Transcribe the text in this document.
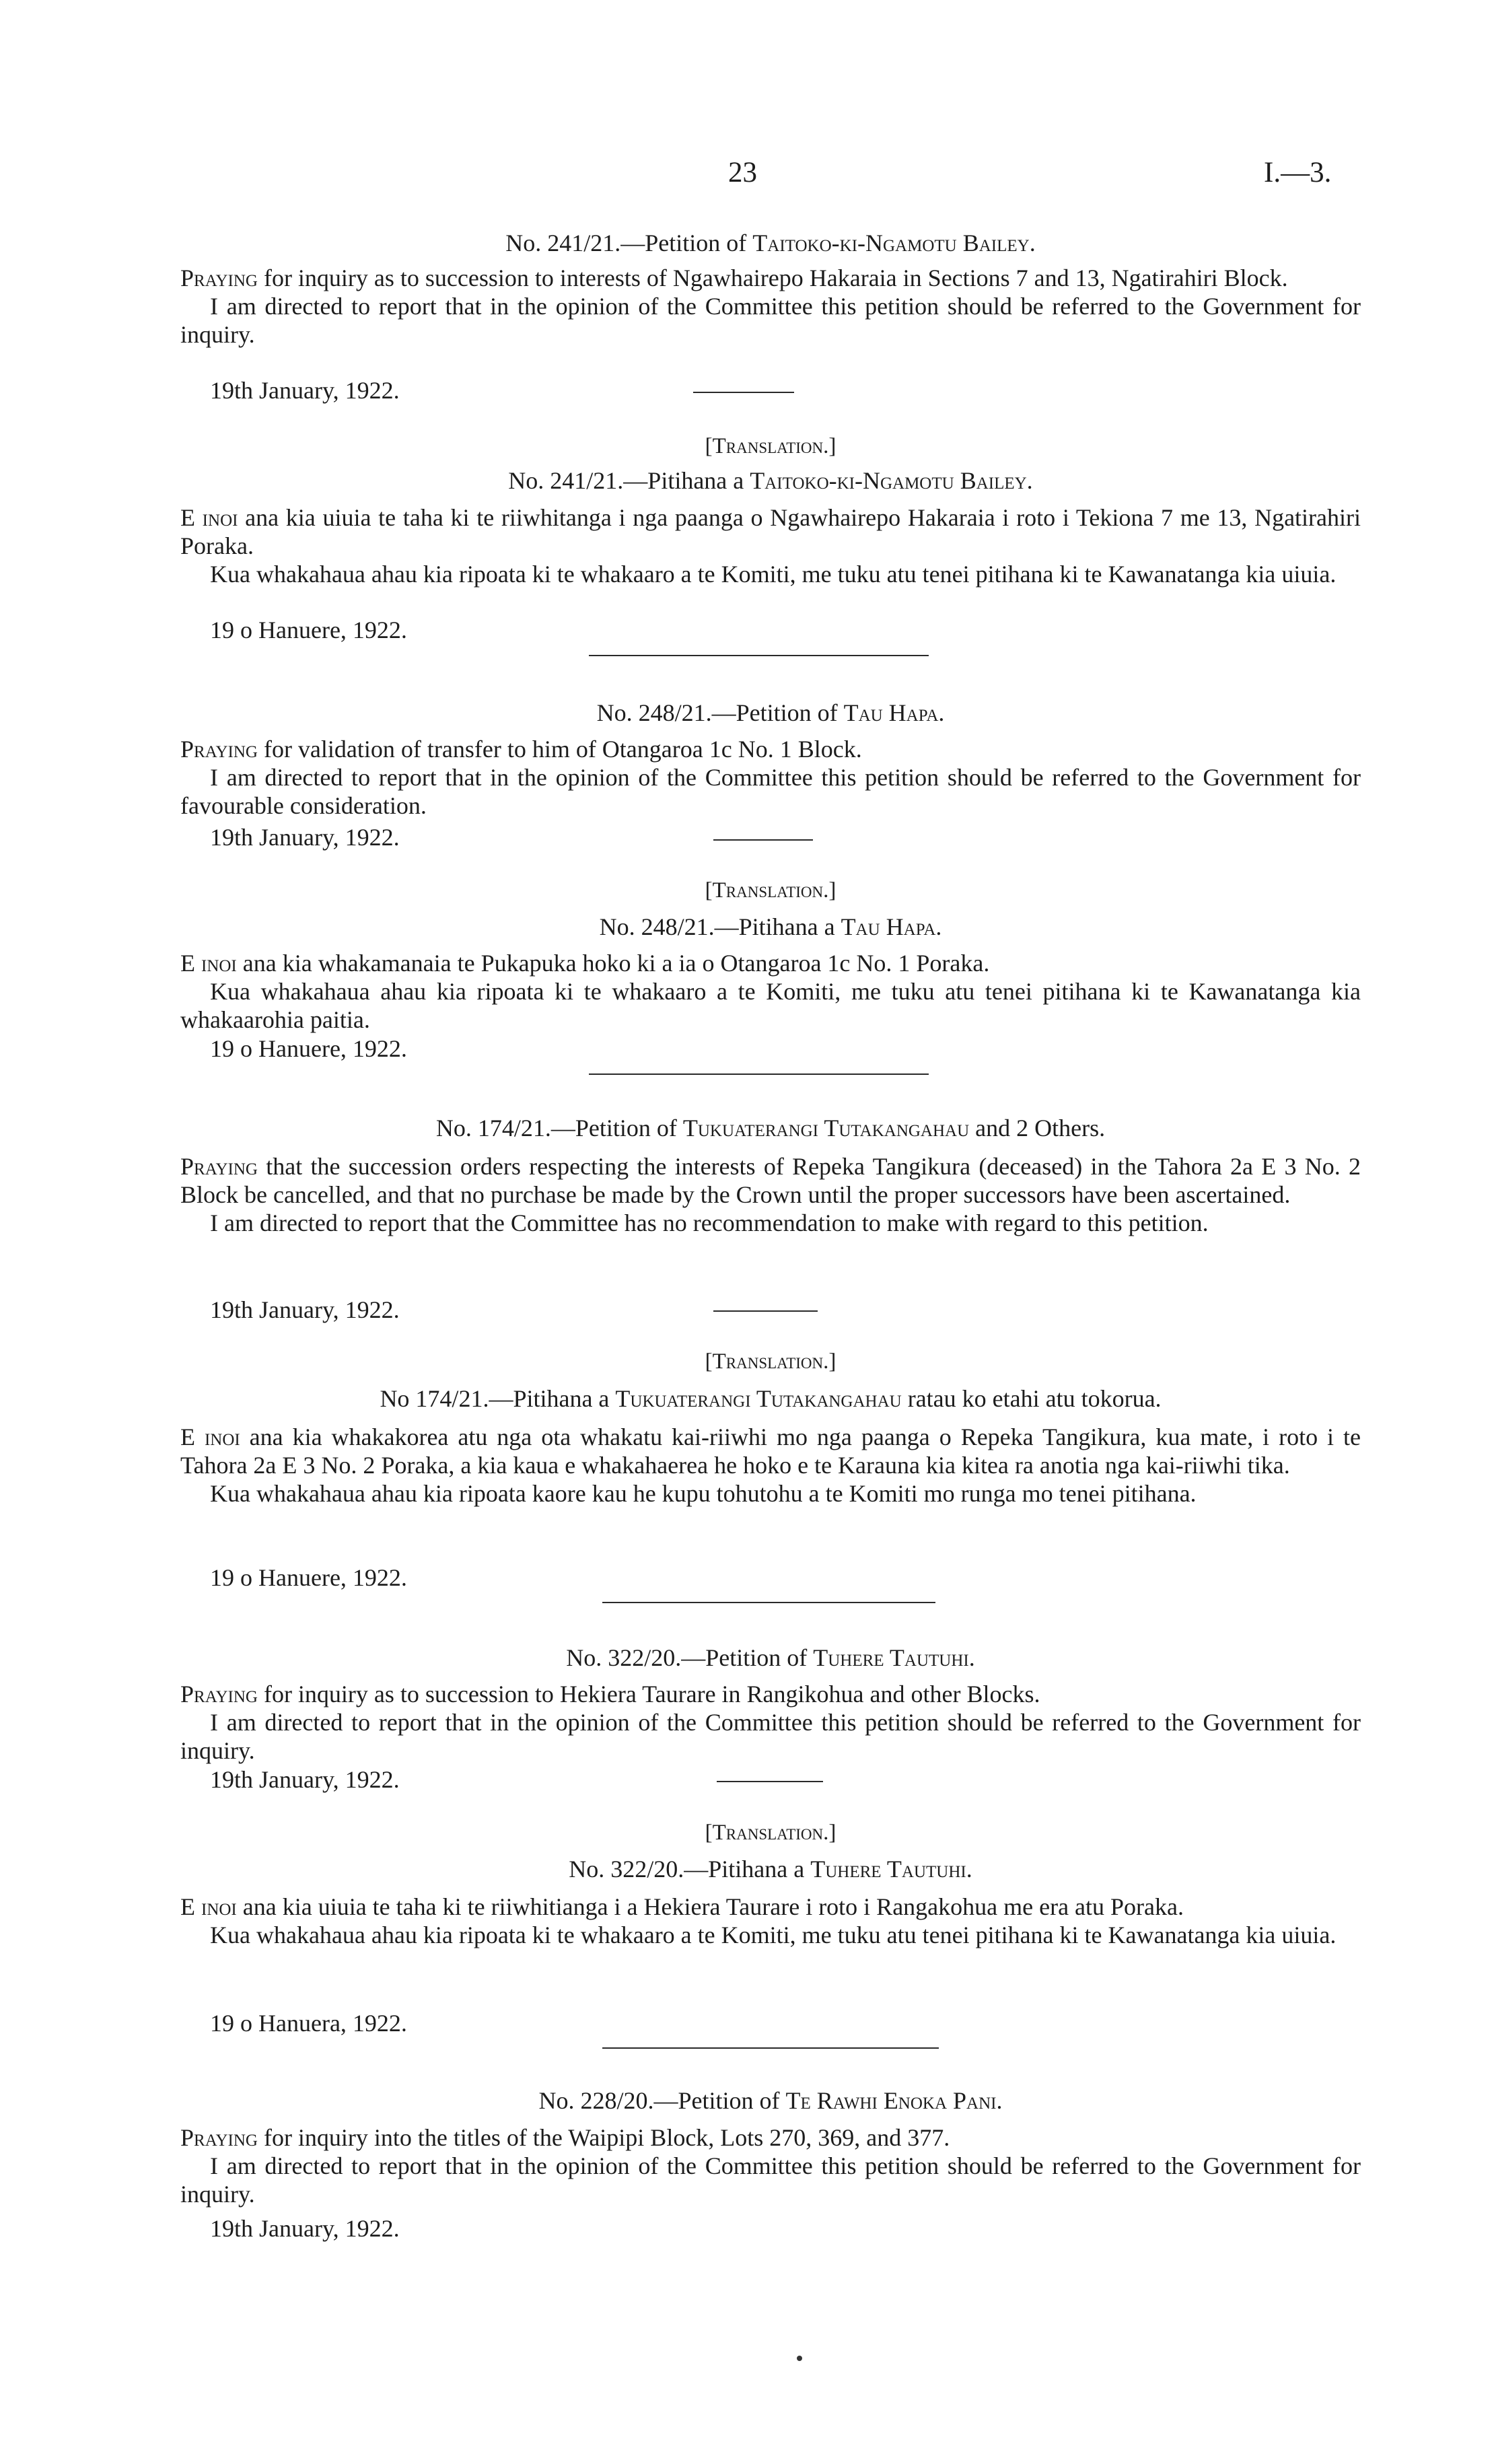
23	I.—3.
No. 241/21.—Petition of Taitoko-ki-Ngamotu Bailey.

Praying for inquiry as to succession to interests of Ngawhairepo Hakaraia in Sections 7 and 13, Ngatirahiri Block.

I am directed to report that in the opinion of the Committee this petition should be referred to the Government for inquiry.

19th January, 1922.
[Translation.]
No. 241/21.—Pitihana a Taitoko-ki-Ngamotu Bailey.

E inoi ana kia uiuia te taha ki te riiwhitanga i nga paanga o Ngawhairepo Hakaraia i roto i Tekiona 7 me 13, Ngatirahiri Poraka.

Kua whakahaua ahau kia ripoata ki te whakaaro a te Komiti, me tuku atu tenei pitihana ki te Kawanatanga kia uiuia.

19 o Hanuere, 1922.
No. 248/21.—Petition of Tau Hapa.

Praying for validation of transfer to him of Otangaroa 1c No. 1 Block.

I am directed to report that in the opinion of the Committee this petition should be referred to the Government for favourable consideration.

19th January, 1922.
[Translation.]
No. 248/21.—Pitihana a Tau Hapa.

E inoi ana kia whakamanaia te Pukapuka hoko ki a ia o Otangaroa 1c No. 1 Poraka.

Kua whakahaua ahau kia ripoata ki te whakaaro a te Komiti, me tuku atu tenei pitihana ki te Kawanatanga kia whakaarohia paitia.

19 o Hanuere, 1922.
No. 174/21.—Petition of Tukuaterangi Tutakangahau and 2 Others.

Praying that the succession orders respecting the interests of Repeka Tangikura (deceased) in the Tahora 2a E 3 No. 2 Block be cancelled, and that no purchase be made by the Crown until the proper successors have been ascertained.

I am directed to report that the Committee has no recommendation to make with regard to this petition.

19th January, 1922.
[Translation.]
No 174/21.—Pitihana a Tukuaterangi Tutakangahau ratau ko etahi atu tokorua.

E inoi ana kia whakakorea atu nga ota whakatu kai-riiwhi mo nga paanga o Repeka Tangikura, kua mate, i roto i te Tahora 2a E 3 No. 2 Poraka, a kia kaua e whakahaerea he hoko e te Karauna kia kitea ra anotia nga kai-riiwhi tika.

Kua whakahaua ahau kia ripoata kaore kau he kupu tohutohu a te Komiti mo runga mo tenei pitihana.

19 o Hanuere, 1922.
No. 322/20.—Petition of Tuhere Tautuhi.

Praying for inquiry as to succession to Hekiera Taurare in Rangikohua and other Blocks.

I am directed to report that in the opinion of the Committee this petition should be referred to the Government for inquiry.

19th January, 1922.
[Translation.]
No. 322/20.—Pitihana a Tuhere Tautuhi.

E inoi ana kia uiuia te taha ki te riiwhitianga i a Hekiera Taurare i roto i Rangakohua me era atu Poraka.

Kua whakahaua ahau kia ripoata ki te whakaaro a te Komiti, me tuku atu tenei pitihana ki te Kawanatanga kia uiuia.

19 o Hanuera, 1922.
No. 228/20.—Petition of Te Rawhi Enoka Pani.

Praying for inquiry into the titles of the Waipipi Block, Lots 270, 369, and 377.

I am directed to report that in the opinion of the Committee this petition should be referred to the Government for inquiry.

19th January, 1922.
